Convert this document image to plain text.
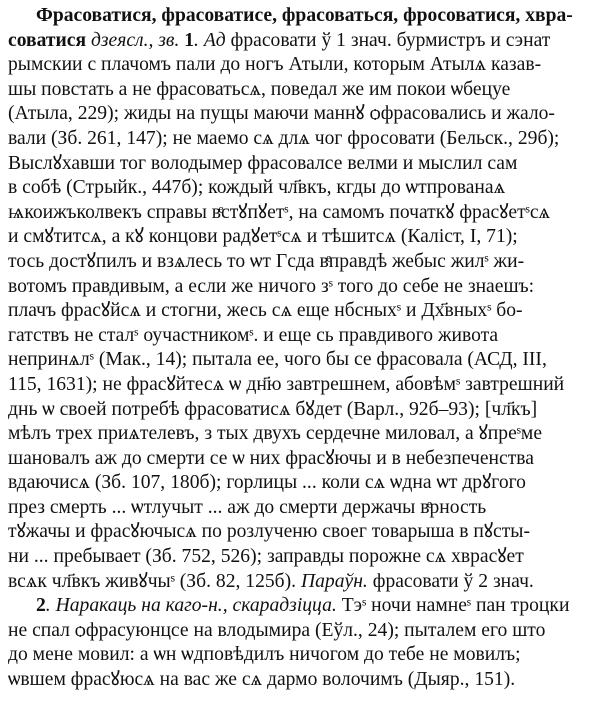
Фрасоватися, фрасоватисе, фрасоваться, фросоватися, хвра-
соватися дзеясл., зв. 1. Ад фрасовати ў 1 знач. бурмистръ и сэнат
рымскии с плачомъ пали до ногъ Атыли, которым Атылѧ казав-
шы повстать а не фрасоватьсѧ, поведал же им покои ѡбецуе
(Атыла, 229); жиды на пущы маючи маннꙋ ѻфрасовались и жало-
вали (Зб. 261, 147); не маемо сѧ длѧ чог фросовати (Бельск., 29б);
Выслꙋхавши тог володымер фрасовалсе велми и мыслил сам
в собѣ (Стрыйк., 447б); кождый чл҃вкъ, кгды до ѡтпрованаѧ
ѩкоижъколвекъ справы вͤстꙋпꙋетˢ, на самомъ початкꙋ фрасꙋетˢсѧ
и смꙋтитсѧ, а кꙋ концови радꙋетˢсѧ и тѣшитсѧ (Каліст, І, 71);
тось достꙋпилъ и взѧлесь то ѡт Гсда вͤправдѣ жебыс жилˢ жи-
вотомъ правдивым, а если же ничого зˢ того до себе не знаешъ:
плачъ фрасꙋйсѧ и стогни, жесь сѧ еще нбсныхˢ и Дх҃вныхˢ бо-
гатствъ не сталˢ оучастникомˢ. и еще сь правдивого живота
непринѧлˢ (Мак., 14); пытала ее, чого бы се фрасовала (АСД, ІІІ,
115, 1631); не фрасꙋйтесѧ ѡ дн҃ю завтрешнем, абовѣмˢ завтрешний
днь ѡ своей потребѣ фрасоватисѧ бꙋдет (Варл., 92б–93); [чл҃къ]
мѣлъ трех приѧтелевъ, з тых двухъ сердечне миловал, а ꙋпреˢме
шановалъ аж до смерти се ѡ них фрасꙋючы и в небезпеченства
вдаючисѧ (Зб. 107, 180б); горлицы ... коли сѧ ѡдна ѡт дрꙋгого
през смерть ... ѡтлучыт ... аж до смерти держачы вͤрность
тꙋжачы и фрасꙋючысѧ по розлученю своег товарыша в пꙋсты-
ни ... пребывает (Зб. 752, 526); заправды порожне сѧ хврасꙋет
всѧк чл҃вкъ живꙋчыˢ (Зб. 82, 125б). Параўн. фрасовати ў 2 знач.

2. Наракаць на каго-н., скарадзіцца. Тэˢ ночи намнеˢ пан троцки
не спал ѻфрасуюнцсе на влодымира (Еўл., 24); пыталем его што
до мене мовил: а ѡн ѡдповѣдилъ ничогом до тебе не мовилъ;
ѡвшем фрасꙋюсѧ на вас же сѧ дармо волочимъ (Дыяр., 151).
